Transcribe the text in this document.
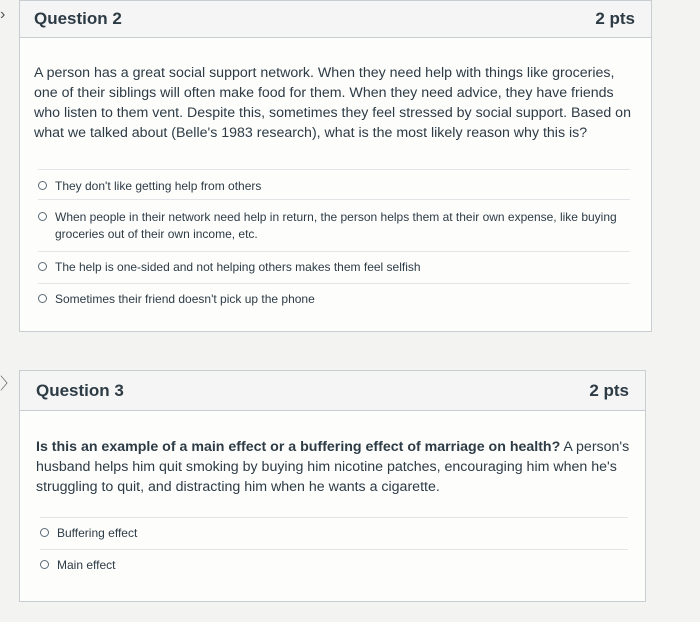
›	Question 2	2 pts
A person has a great social support network. When they need help with things like groceries, one of their siblings will often make food for them. When they need advice, they have friends who listen to them vent. Despite this, sometimes they feel stressed by social support. Based on what we talked about (Belle's 1983 research), what is the most likely reason why this is?
They don't like getting help from others
When people in their network need help in return, the person helps them at their own expense, like buying groceries out of their own income, etc.
The help is one-sided and not helping others makes them feel selfish
Sometimes their friend doesn't pick up the phone
〉 Question 3	2 pts
Is this an example of a main effect or a buffering effect of marriage on health? A person's husband helps him quit smoking by buying him nicotine patches, encouraging him when he's struggling to quit, and distracting him when he wants a cigarette.
Buffering effect
Main effect
